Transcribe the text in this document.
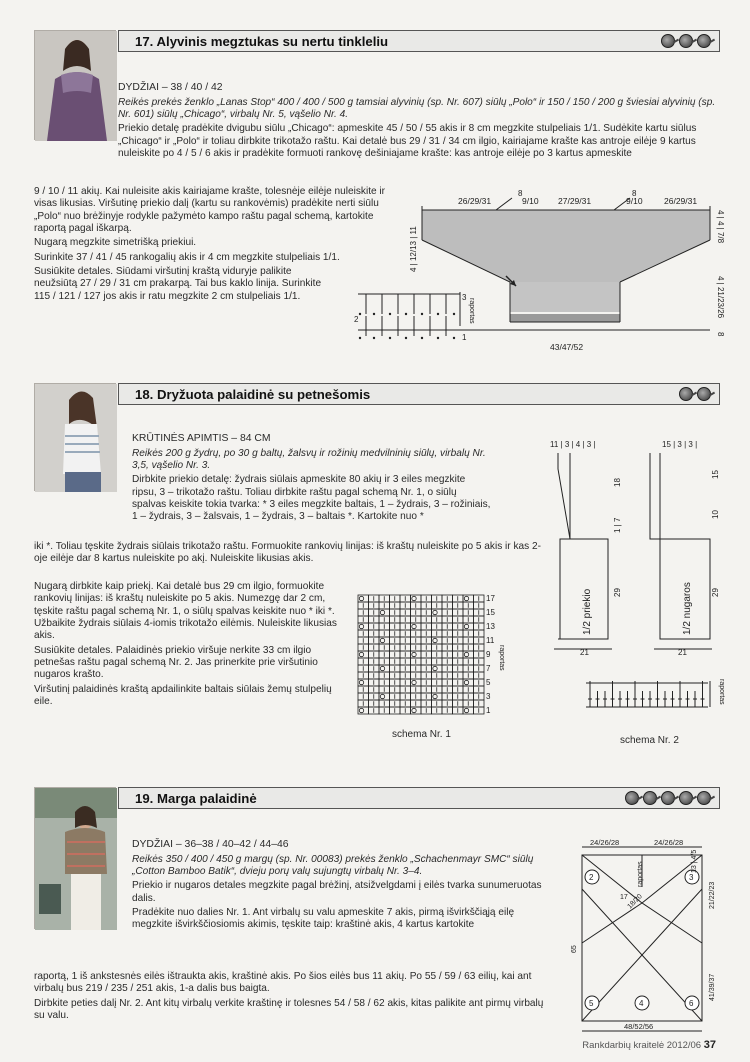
17. Alyvinis megztukas su nertu tinkleliu

DYDŽIAI – 38 / 40 / 42

Reikės prekės ženklo „Lanas Stop“ 400 / 400 / 500 g tamsiai alyvinių (sp. Nr. 607) siūlų „Polo“ ir 150 / 150 / 200 g šviesiai alyvinių (sp. Nr. 601) siūlų „Chicago“, virbalų Nr. 5, vąšelio Nr. 4.

Priekio detalę pradėkite dvigubu siūlu „Chicago“: apmeskite 45 / 50 / 55 akis ir 8 cm megzkite stulpeliais 1/1. Sudėkite kartu siūlus „Chicago“ ir „Polo“ ir toliau dirbkite trikotažo raštu. Kai detalė bus 29 / 31 / 34 cm ilgio, kairiajame krašte kas antroje eilėje 9 kartus nuleiskite po 4 / 5 / 6 akis ir pradėkite formuoti rankovę dešiniajame krašte: kas antroje eilėje po 3 kartus apmeskite

9 / 10 / 11 akių. Kai nuleisite akis kairiajame krašte, tolesnėje eilėje nuleiskite ir visas likusias. Viršutinę priekio dalį (kartu su rankovėmis) pradėkite nerti siūlu „Polo“ nuo brėžinyje rodykle pažymėto kampo raštu pagal schemą, kartokite raportą pagal iškarpą.

Nugarą megzkite simetrišką priekiui.

Surinkite 37 / 41 / 45 rankogalių akis ir 4 cm megzkite stulpeliais 1/1.

Susiūkite detales. Siūdami viršutinį kraštą viduryje palikite neužsiūtą 27 / 29 / 31 cm prakarpą. Tai bus kaklo linija. Surinkite 115 / 121 / 127 jos akis ir ratu megzkite 2 cm stulpeliais 1/1.	3
2
1
raportas
26/29/31	9/10
8
27/29/31	9/10
8
26/29/31
4 | 12/13 | 11	4 | 4 | 7/8
4 | 21/23/26
8
43/47/52
18. Dryžuota palaidinė su petnešomis

KRŪTINĖS APIMTIS – 84 CM

Reikės 200 g žydrų, po 30 g baltų, žalsvų ir rožinių medvilninių siūlų, virbalų Nr. 3,5, vąšelio Nr. 3.

Dirbkite priekio detalę: žydrais siūlais apmeskite 80 akių ir 3 eiles megzkite ripsu, 3 – trikotažo raštu. Toliau dirbkite raštu pagal schemą Nr. 1, o siūlų spalvas keiskite tokia tvarka: * 3 eiles megzkite baltais, 1 – žydrais, 3 – rožiniais, 1 – žydrais, 3 – žalsvais, 1 – žydrais, 3 – baltais *. Kartokite nuo *

iki *. Toliau tęskite žydrais siūlais trikotažo raštu. Formuokite rankovių linijas: iš kraštų nuleiskite po 5 akis ir kas 2-oje eilėje dar 8 kartus nuleiskite po akį. Nuleiskite likusias akis.

Nugarą dirbkite kaip priekį. Kai detalė bus 29 cm ilgio, formuokite rankovių linijas: iš kraštų nuleiskite po 5 akis. Numezgę dar 2 cm, tęskite raštu pagal schemą Nr. 1, o siūlų spalvas keiskite nuo * iki *. Užbaikite žydrais siūlais 4-iomis trikotažo eilėmis. Nuleiskite likusias akis.

Susiūkite detales. Palaidinės priekio viršuje nerkite 33 cm ilgio petnešas raštu pagal schemą Nr. 2. Jas prinerkite prie viršutinio nugaros krašto.

Viršutinį palaidinės kraštą apdailinkite baltais siūlais žemų stulpelių eile.

17
15
13
11
9
7
5
3
1
raportas
schema Nr. 1
11 | 3 | 4 | 3 |	15 | 3 | 3 |
18
1 | 7
29
21
15
10
29
21
1/2 priekio	1/2 nugaros
raportas
schema Nr. 2
19. Marga palaidinė

DYDŽIAI – 36–38 / 40–42 / 44–46

Reikės 350 / 400 / 450 g margų (sp. Nr. 00083) prekės ženklo „Schachenmayr SMC“ siūlų „Cotton Bamboo Batik“, dvieju porų valų sujungtų virbalų Nr. 3–4.

Priekio ir nugaros detales megzkite pagal brėžinį, atsižvelgdami į eilės tvarka sunumeruotas dalis.

Pradėkite nuo dalies Nr. 1. Ant virbalų su valu apmeskite 7 akis, pirmą išvirkščiąją eilę megzkite išvirkščiosiomis akimis, tęskite taip: kraštinė akis, 4 kartus kartokite

raportą, 1 iš ankstesnės eilės ištraukta akis, kraštinė akis. Po šios eilės bus 11 akių. Po 55 / 59 / 63 eilių, kai ant virbalų bus 219 / 235 / 251 akis, 1-a dalis bus baigta.

Dirbkite peties dalį Nr. 2. Ant kitų virbalų verkite kraštinę ir tolesnes 54 / 58 / 62 akis, kitas palikite ant pirmų virbalų su valu.

2	3
4
5	6
24/26/28	24/26/28
13 | 4/5
21/22/23
41/39/37
65
18/20
raportas
17
48/52/56
Rankdarbių kraitelė 2012/06 37
